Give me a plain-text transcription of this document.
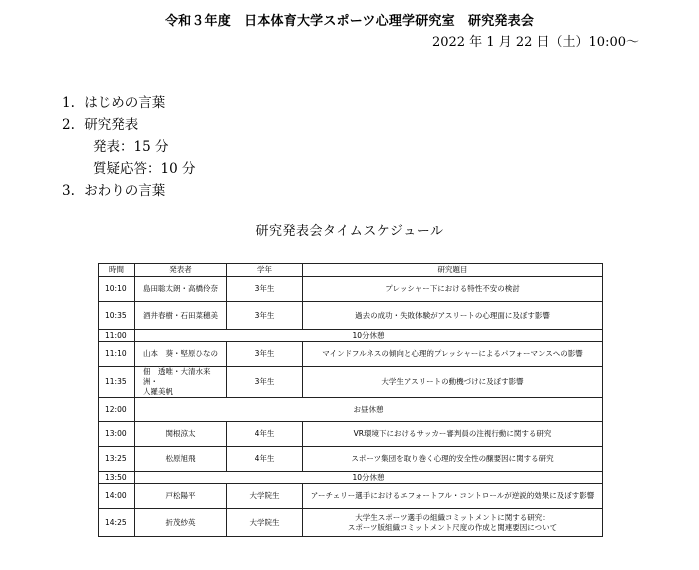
令和３年度　日本体育大学スポーツ心理学研究室　研究発表会
2022 年 1 月 22 日（土）10:00～
1. はじめの言葉
2. 研究発表
発表：15 分
質疑応答：10 分
3. おわりの言葉
研究発表会タイムスケジュール
時間	発表者	学年	研究題目
10:10	島田聡太朗・高橋伶奈	3年生	プレッシャー下における特性不安の検討
10:35	酒井春樹・石田菜穂美	3年生	過去の成功・失敗体験がアスリートの心理面に及ぼす影響
11:00	10分休憩		
11:10	山本　葵・堅原ひなの	3年生	マインドフルネスの傾向と心理的プレッシャーによるパフォーマンスへの影響
11:35	佃　透唯・大清水来洲・
人羅美帆	3年生	大学生アスリートの動機づけに及ぼす影響
12:00	お昼休憩		
13:00	関根涼太	4年生	VR環境下におけるサッカー審判員の注視行動に関する研究
13:25	松原旭飛	4年生	スポーツ集団を取り巻く心理的安全性の醸要因に関する研究
13:50	10分休憩		
14:00	戸松陽平	大学院生	アーチェリー選手におけるエフォートフル・コントロールが逆説的効果に及ぼす影響
14:25	折茂紗英	大学院生	大学生スポーツ選手の組織コミットメントに関する研究：
スポーツ版組織コミットメント尺度の作成と関連要因について
